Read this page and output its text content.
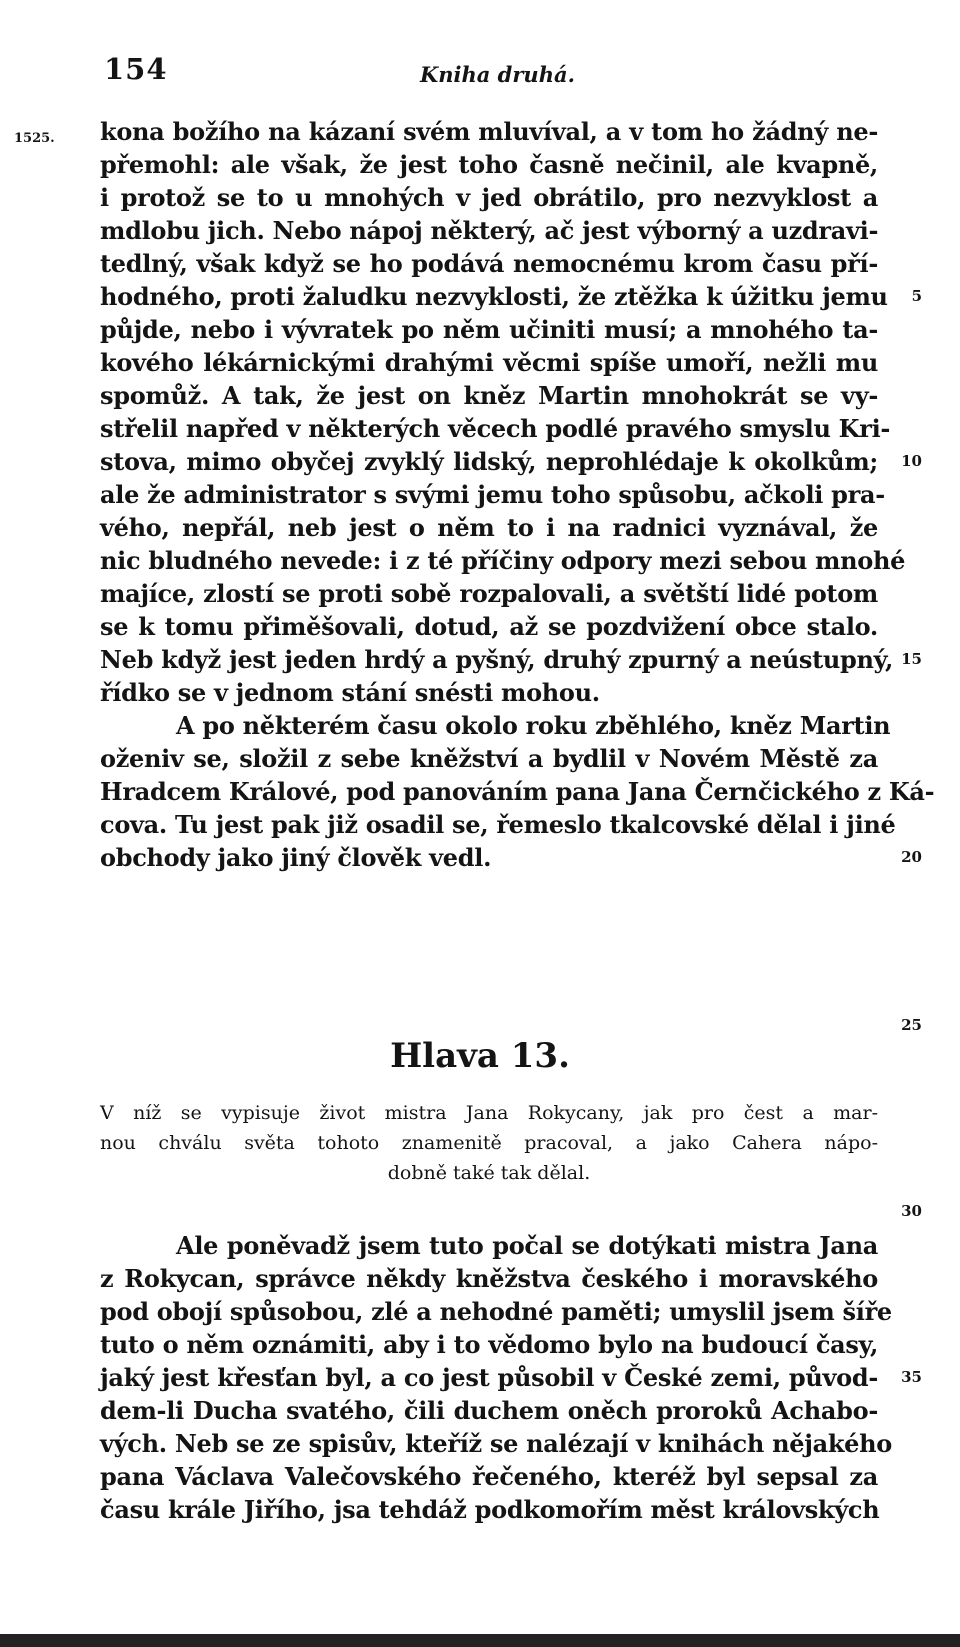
154	Kniha druhá.
1525. kona božího na kázaní svém mluvíval, a v tom ho žádný ne-
přemohl: ale však, že jest toho časně nečinil, ale kvapně,
i protož se to u mnohých v jed obrátilo, pro nezvyklost a
mdlobu jich. Nebo nápoj některý, ač jest výborný a uzdravi-
tedlný, však když se ho podává nemocnému krom času pří-
hodného, proti žaludku nezvyklosti, že ztěžka k úžitku jemu
půjde, nebo i vývratek po něm učiniti musí; a mnohého ta-
kového lékárnickými drahými věcmi spíše umoří, nežli mu
spomůž. A tak, že jest on kněz Martin mnohokrát se vy-
střelil napřed v některých věcech podlé pravého smyslu Kri-
stova, mimo obyčej zvyklý lidský, neprohlédaje k okolkům;
ale že administrator s svými jemu toho spůsobu, ačkoli pra-
vého, nepřál, neb jest o něm to i na radnici vyznával, že
nic bludného nevede: i z té příčiny odpory mezi sebou mnohé
majíce, zlostí se proti sobě rozpalovali, a světští lidé potom
se k tomu přiměšovali, dotud, až se pozdvižení obce stalo.
Neb když jest jeden hrdý a pyšný, druhý zpurný a neústupný,
řídko se v jednom stání snésti mohou.
A po některém času okolo roku zběhlého, kněz Martin
oženiv se, složil z sebe kněžství a bydlil v Novém Městě za
Hradcem Králové, pod panováním pana Jana Černčického z Ká-
cova. Tu jest pak již osadil se, řemeslo tkalcovské dělal i jiné
obchody jako jiný člověk vedl.
Hlava 13.
V níž se vypisuje život mistra Jana Rokycany, jak pro čest a mar-
nou chválu světa tohoto znamenitě pracoval, a jako Cahera nápo-
dobně také tak dělal.
Ale poněvadž jsem tuto počal se dotýkati mistra Jana
z Rokycan, správce někdy kněžstva českého i moravského
pod obojí spůsobou, zlé a nehodné paměti; umyslil jsem šíře
tuto o něm oznámiti, aby i to vědomo bylo na budoucí časy,
jaký jest křesťan byl, a co jest působil v České zemi, původ-
dem-li Ducha svatého, čili duchem oněch proroků Achabo-
vých. Neb se ze spisův, kteříž se nalézají v knihách nějakého
pana Václava Valečovského řečeného, kteréž byl sepsal za
času krále Jiřího, jsa tehdáž podkomořím měst královských
5
10
15
20
25
30
35
